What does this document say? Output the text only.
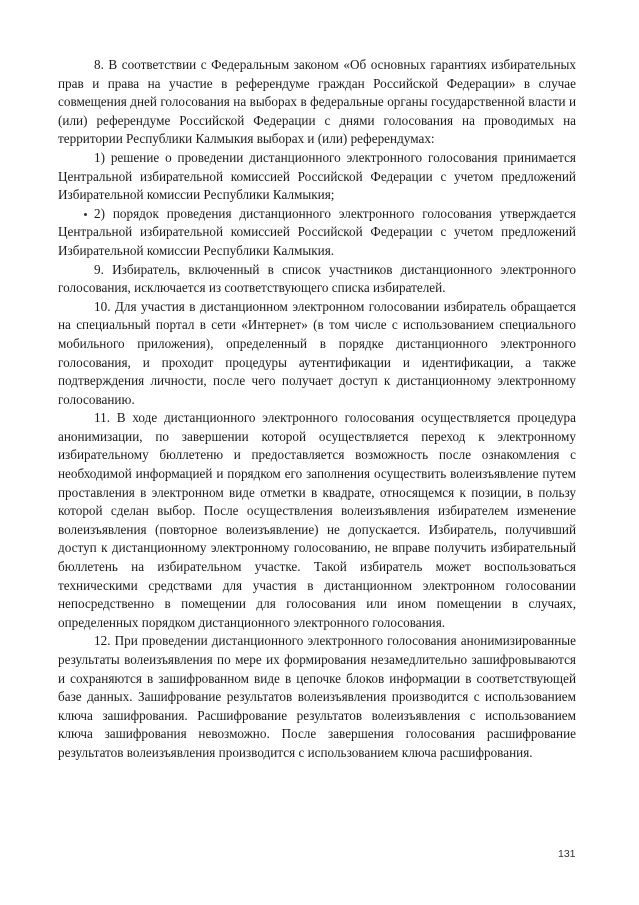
8. В соответствии с Федеральным законом «Об основных гарантиях избирательных прав и права на участие в референдуме граждан Российской Федерации» в случае совмещения дней голосования на выборах в федеральные органы государственной власти и (или) референдуме Российской Федерации с днями голосования на проводимых на территории Республики Калмыкия выборах и (или) референдумах:

1) решение о проведении дистанционного электронного голосования принимается Центральной избирательной комиссией Российской Федерации с учетом предложений Избирательной комиссии Республики Калмыкия;

2) порядок проведения дистанционного электронного голосования утверждается Центральной избирательной комиссией Российской Федерации с учетом предложений Избирательной комиссии Республики Калмыкия.

9. Избиратель, включенный в список участников дистанционного электронного голосования, исключается из соответствующего списка избирателей.

10. Для участия в дистанционном электронном голосовании избиратель обращается на специальный портал в сети «Интернет» (в том числе с использованием специального мобильного приложения), определенный в порядке дистанционного электронного голосования, и проходит процедуры аутентификации и идентификации, а также подтверждения личности, после чего получает доступ к дистанционному электронному голосованию.

11. В ходе дистанционного электронного голосования осуществляется процедура анонимизации, по завершении которой осуществляется переход к электронному избирательному бюллетеню и предоставляется возможность после ознакомления с необходимой информацией и порядком его заполнения осуществить волеизъявление путем проставления в электронном виде отметки в квадрате, относящемся к позиции, в пользу которой сделан выбор. После осуществления волеизъявления избирателем изменение волеизъявления (повторное волеизъявление) не допускается. Избиратель, получивший доступ к дистанционному электронному голосованию, не вправе получить избирательный бюллетень на избирательном участке. Такой избиратель может воспользоваться техническими средствами для участия в дистанционном электронном голосовании непосредственно в помещении для голосования или ином помещении в случаях, определенных порядком дистанционного электронного голосования.

12. При проведении дистанционного электронного голосования анонимизированные результаты волеизъявления по мере их формирования незамедлительно зашифровываются и сохраняются в зашифрованном виде в цепочке блоков информации в соответствующей базе данных. Зашифрование результатов волеизъявления производится с использованием ключа зашифрования. Расшифрование результатов волеизъявления с использованием ключа зашифрования невозможно. После завершения голосования расшифрование результатов волеизъявления производится с использованием ключа расшифрования.

131
